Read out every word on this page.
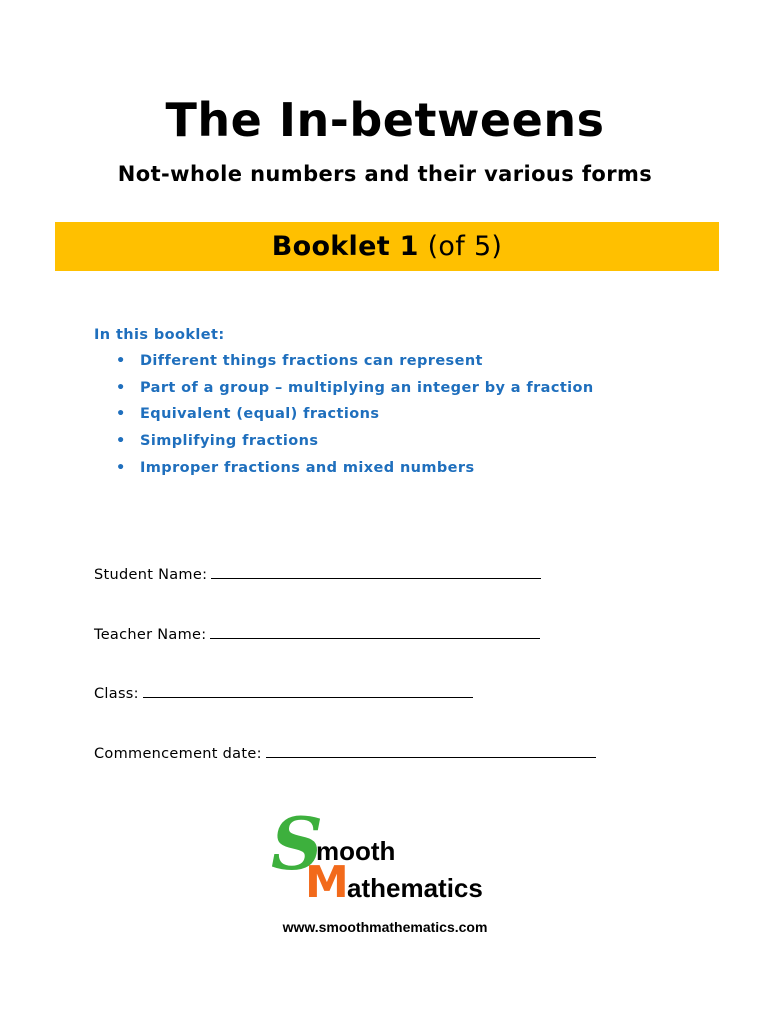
The In-betweens
Not-whole numbers and their various forms
Booklet 1 (of 5)
In this booklet:
• Different things fractions can represent
• Part of a group – multiplying an integer by a fraction
• Equivalent (equal) fractions
• Simplifying fractions
• Improper fractions and mixed numbers
Student Name:
Teacher Name:
Class:
Commencement date:
S
mooth
M
athematics
www.smoothmathematics.com
